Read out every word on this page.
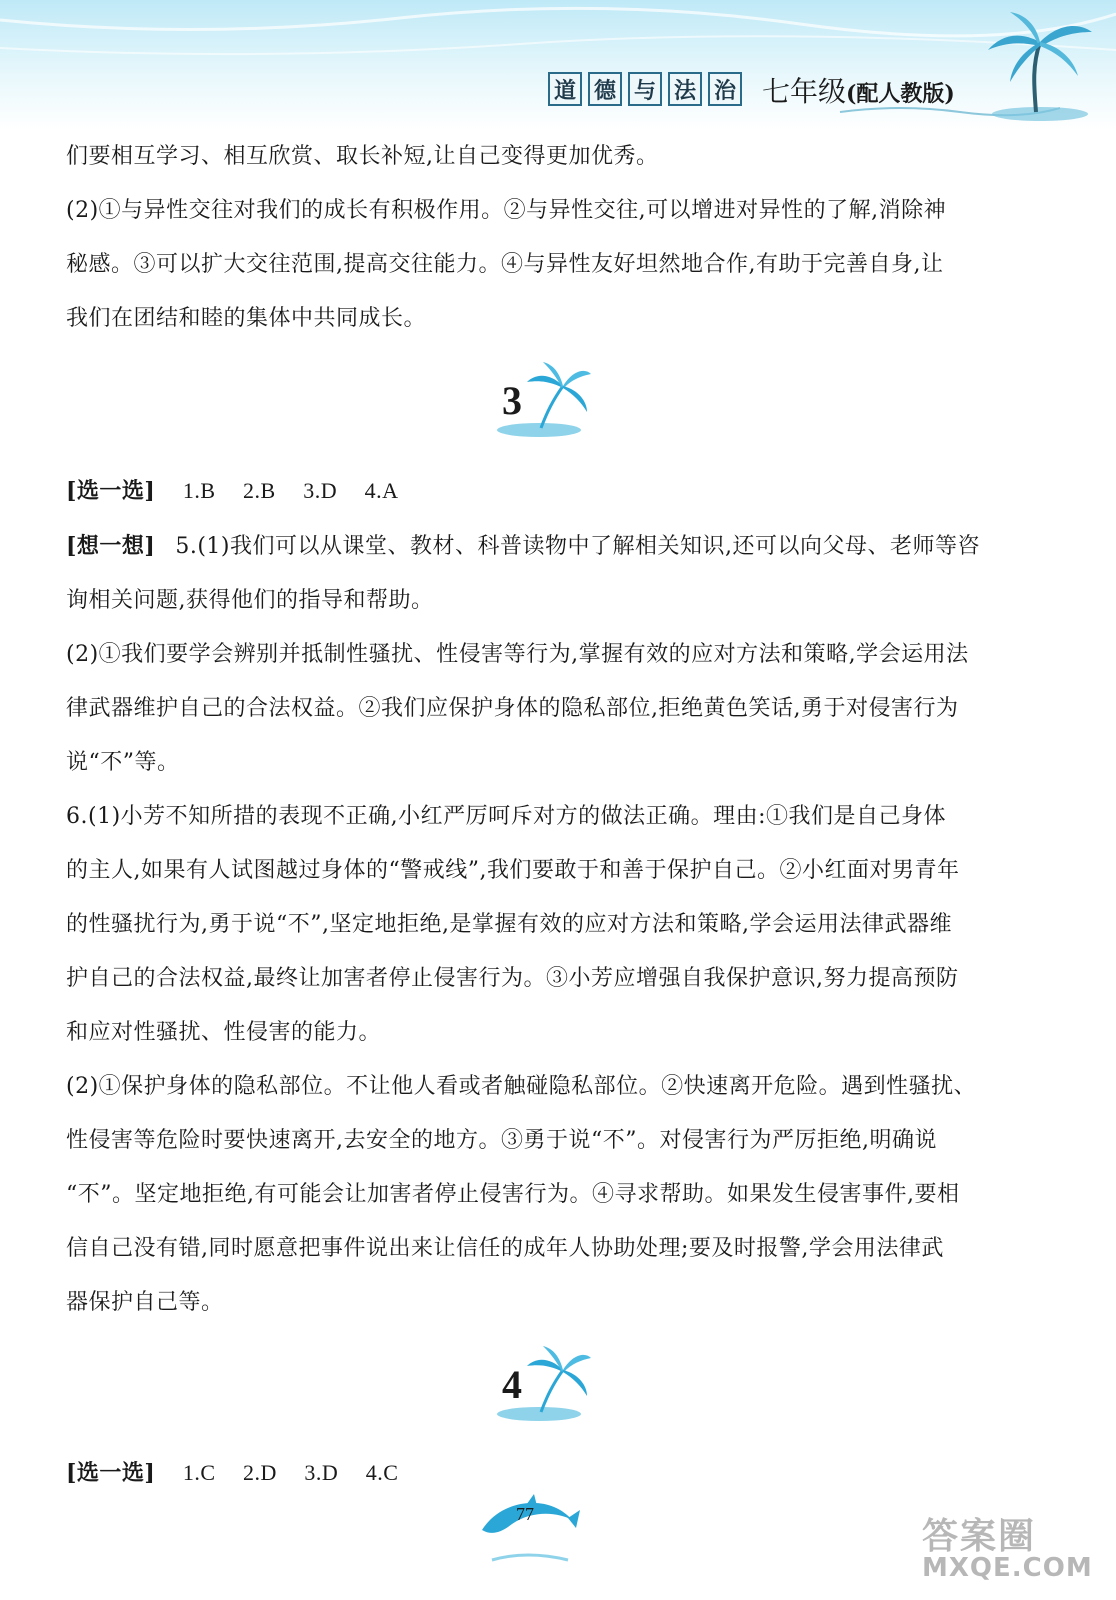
道 德 与 法 治 七年级(配人教版)

们要相互学习、相互欣赏、取长补短,让自己变得更加优秀。

(2)①与异性交往对我们的成长有积极作用。②与异性交往,可以增进对异性的了解,消除神

秘感。③可以扩大交往范围,提高交往能力。④与异性友好坦然地合作,有助于完善自身,让

我们在团结和睦的集体中共同成长。

3

[选一选] 1.B 2.B 3.D 4.A

[想一想] 5.(1)我们可以从课堂、教材、科普读物中了解相关知识,还可以向父母、老师等咨

询相关问题,获得他们的指导和帮助。

(2)①我们要学会辨别并抵制性骚扰、性侵害等行为,掌握有效的应对方法和策略,学会运用法

律武器维护自己的合法权益。②我们应保护身体的隐私部位,拒绝黄色笑话,勇于对侵害行为

说“不”等。

6.(1)小芳不知所措的表现不正确,小红严厉呵斥对方的做法正确。理由:①我们是自己身体

的主人,如果有人试图越过身体的“警戒线”,我们要敢于和善于保护自己。②小红面对男青年

的性骚扰行为,勇于说“不”,坚定地拒绝,是掌握有效的应对方法和策略,学会运用法律武器维

护自己的合法权益,最终让加害者停止侵害行为。③小芳应增强自我保护意识,努力提高预防

和应对性骚扰、性侵害的能力。

(2)①保护身体的隐私部位。不让他人看或者触碰隐私部位。②快速离开危险。遇到性骚扰、

性侵害等危险时要快速离开,去安全的地方。③勇于说“不”。对侵害行为严厉拒绝,明确说

“不”。坚定地拒绝,有可能会让加害者停止侵害行为。④寻求帮助。如果发生侵害事件,要相

信自己没有错,同时愿意把事件说出来让信任的成年人协助处理;要及时报警,学会用法律武

器保护自己等。

4

[选一选] 1.C 2.D 3.D 4.C

77
答案圈
MXQE.COM
